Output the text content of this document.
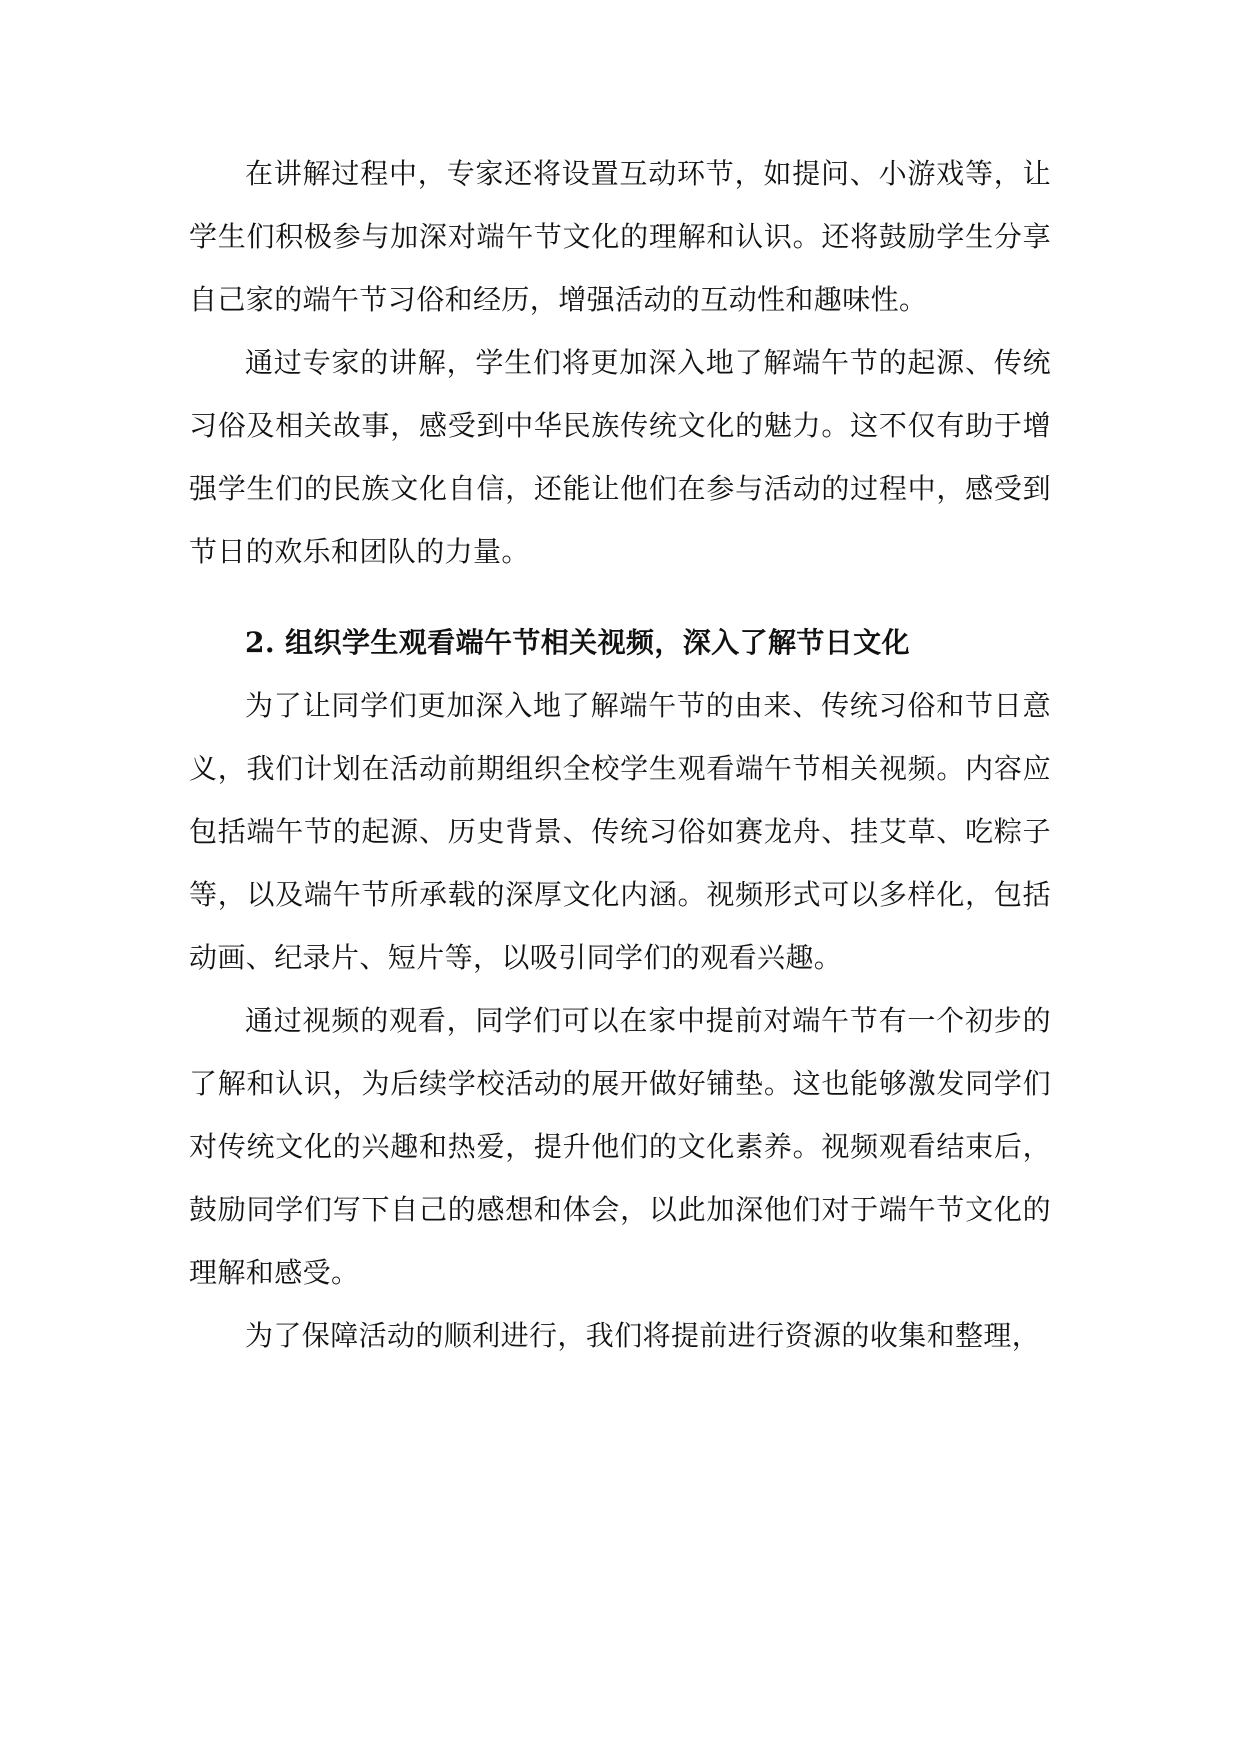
在讲解过程中，专家还将设置互动环节，如提问、小游戏等，让学生们积极参与加深对端午节文化的理解和认识。还将鼓励学生分享自己家的端午节习俗和经历，增强活动的互动性和趣味性。

通过专家的讲解，学生们将更加深入地了解端午节的起源、传统习俗及相关故事，感受到中华民族传统文化的魅力。这不仅有助于增强学生们的民族文化自信，还能让他们在参与活动的过程中，感受到节日的欢乐和团队的力量。

2. 组织学生观看端午节相关视频，深入了解节日文化

为了让同学们更加深入地了解端午节的由来、传统习俗和节日意义，我们计划在活动前期组织全校学生观看端午节相关视频。内容应包括端午节的起源、历史背景、传统习俗如赛龙舟、挂艾草、吃粽子等，以及端午节所承载的深厚文化内涵。视频形式可以多样化，包括动画、纪录片、短片等，以吸引同学们的观看兴趣。

通过视频的观看，同学们可以在家中提前对端午节有一个初步的了解和认识，为后续学校活动的展开做好铺垫。这也能够激发同学们对传统文化的兴趣和热爱，提升他们的文化素养。视频观看结束后，鼓励同学们写下自己的感想和体会，以此加深他们对于端午节文化的理解和感受。

为了保障活动的顺利进行，我们将提前进行资源的收集和整理，
